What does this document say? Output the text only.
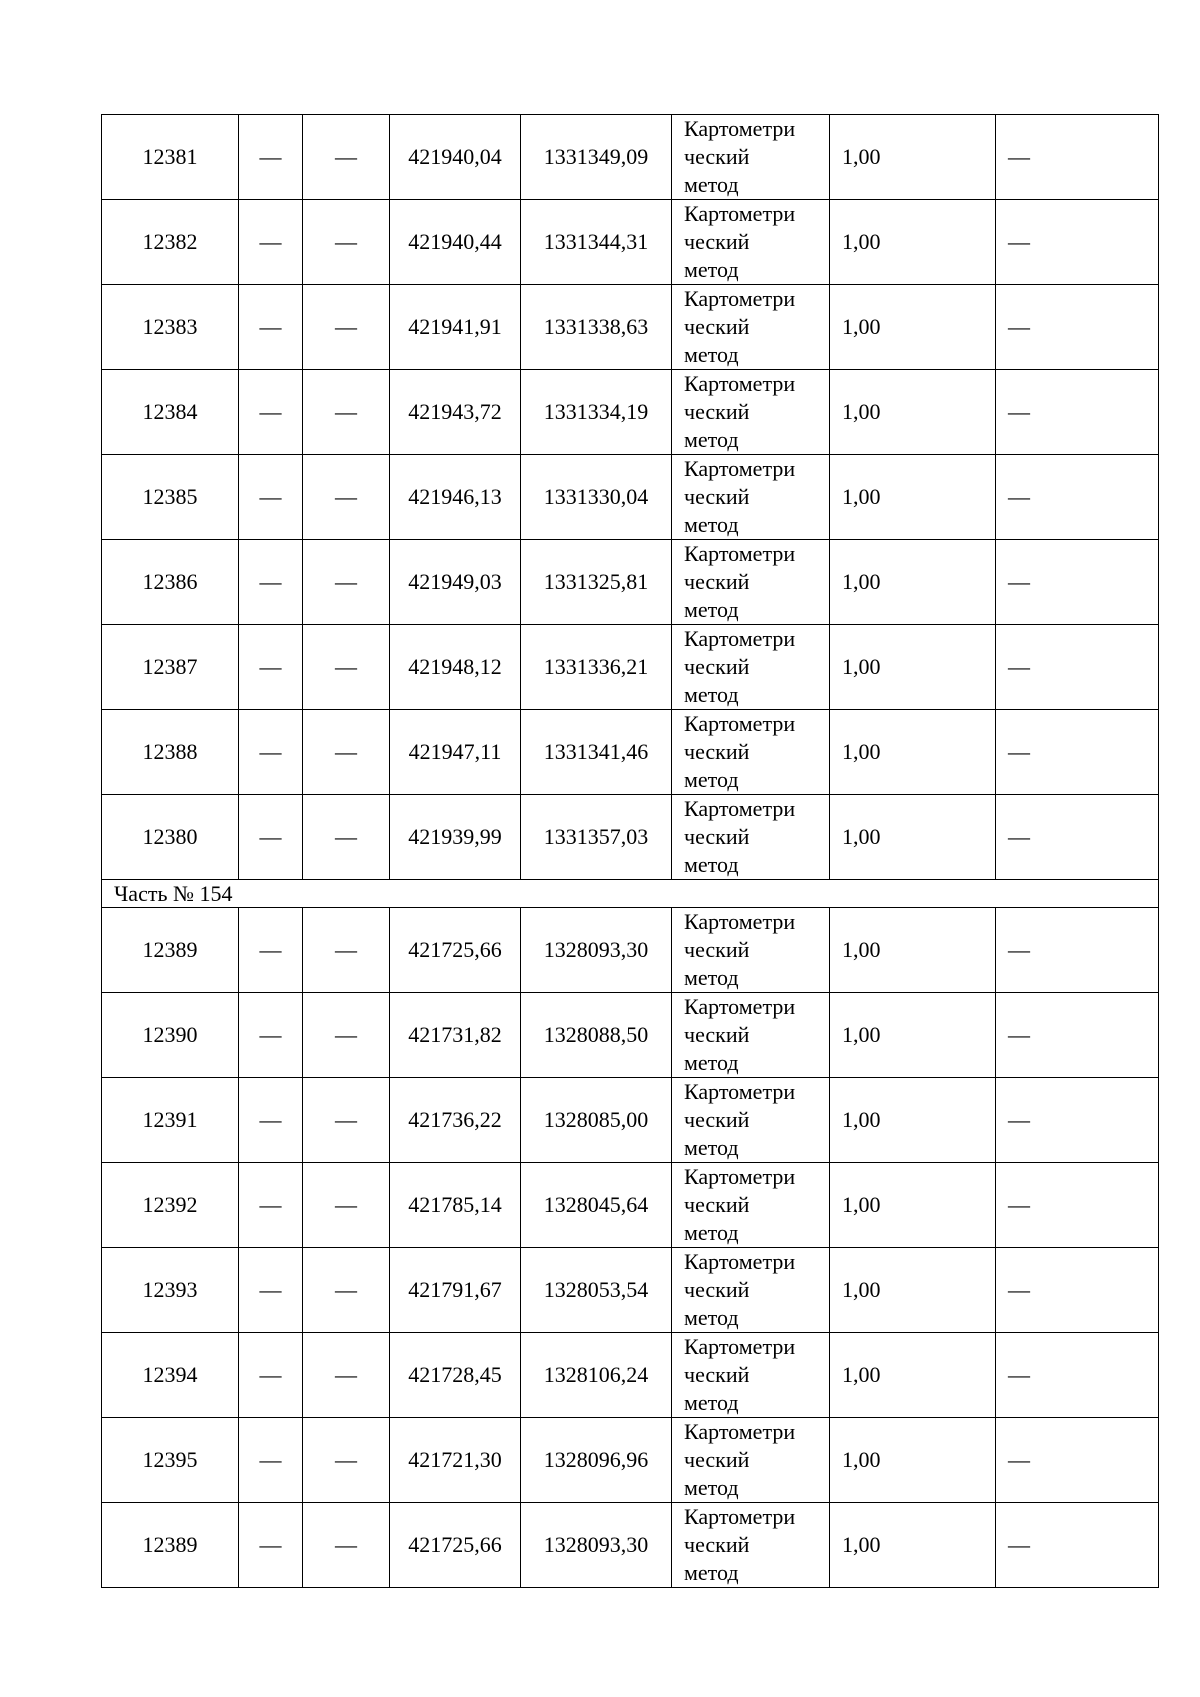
12381	—	—	421940,04	1331349,09	Картометри
ческий
метод	1,00	—
12382	—	—	421940,44	1331344,31	Картометри
ческий
метод	1,00	—
12383	—	—	421941,91	1331338,63	Картометри
ческий
метод	1,00	—
12384	—	—	421943,72	1331334,19	Картометри
ческий
метод	1,00	—
12385	—	—	421946,13	1331330,04	Картометри
ческий
метод	1,00	—
12386	—	—	421949,03	1331325,81	Картометри
ческий
метод	1,00	—
12387	—	—	421948,12	1331336,21	Картометри
ческий
метод	1,00	—
12388	—	—	421947,11	1331341,46	Картометри
ческий
метод	1,00	—
12380	—	—	421939,99	1331357,03	Картометри
ческий
метод	1,00	—
Часть № 154							
12389	—	—	421725,66	1328093,30	Картометри
ческий
метод	1,00	—
12390	—	—	421731,82	1328088,50	Картометри
ческий
метод	1,00	—
12391	—	—	421736,22	1328085,00	Картометри
ческий
метод	1,00	—
12392	—	—	421785,14	1328045,64	Картометри
ческий
метод	1,00	—
12393	—	—	421791,67	1328053,54	Картометри
ческий
метод	1,00	—
12394	—	—	421728,45	1328106,24	Картометри
ческий
метод	1,00	—
12395	—	—	421721,30	1328096,96	Картометри
ческий
метод	1,00	—
12389	—	—	421725,66	1328093,30	Картометри
ческий
метод	1,00	—
